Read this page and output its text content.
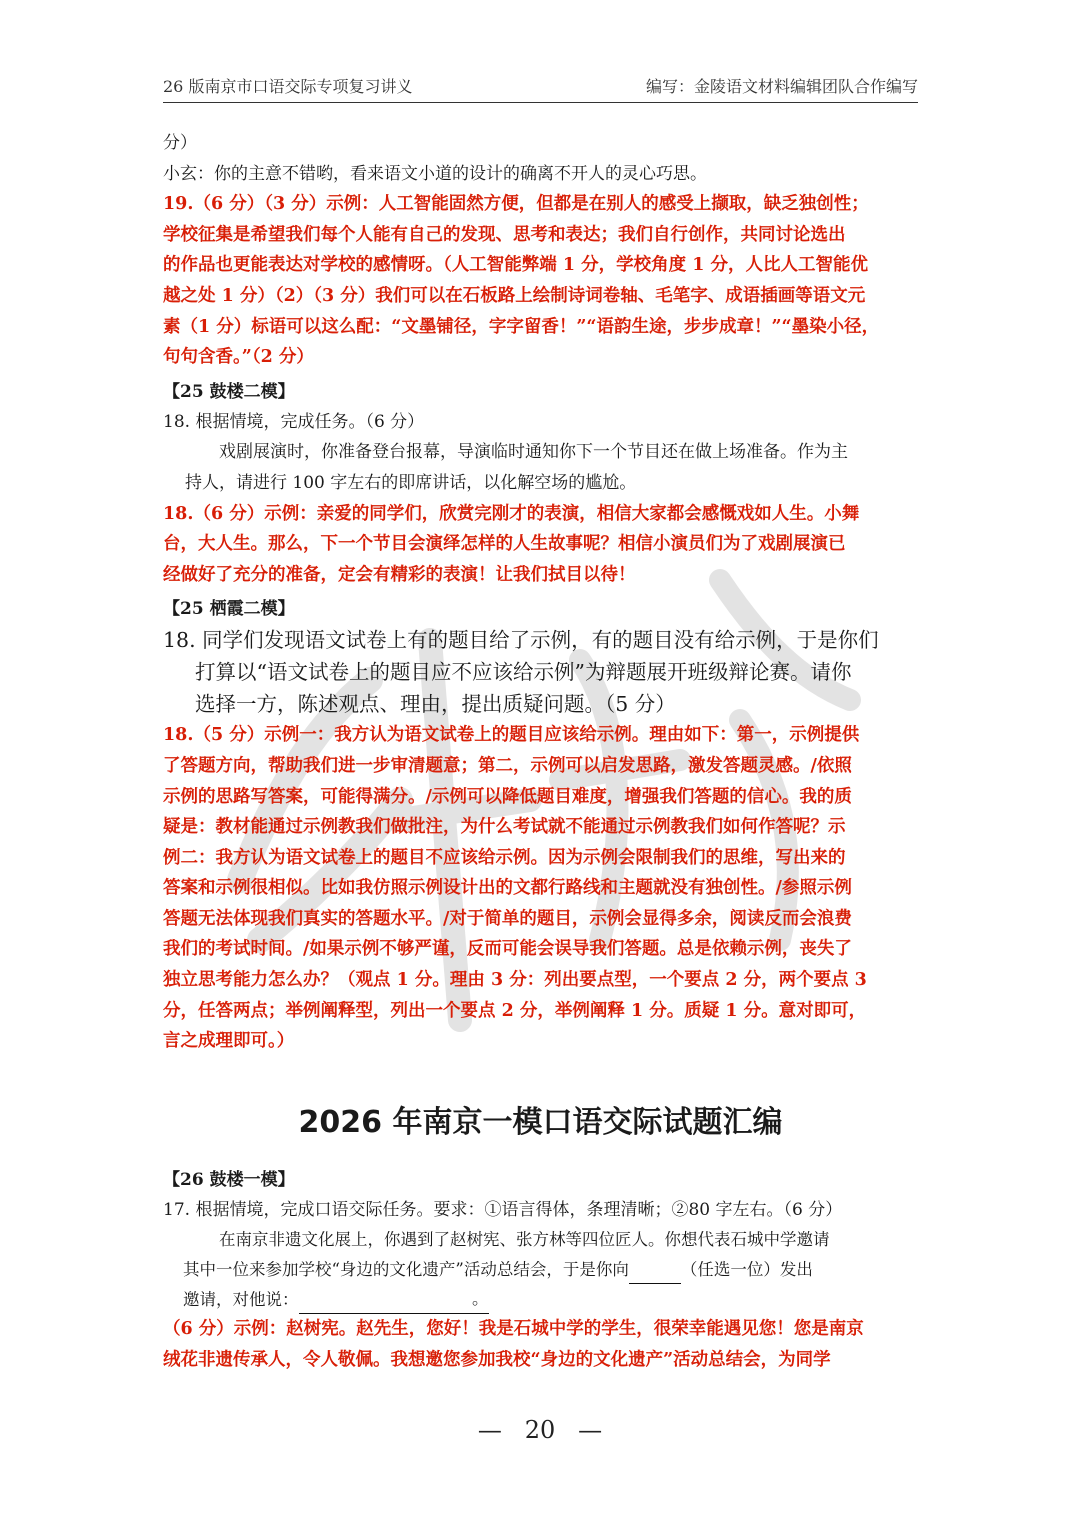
26 版南京市口语交际专项复习讲义	编写：金陵语文材料编辑团队合作编写
分）
小玄：你的主意不错哟，看来语文小道的设计的确离不开人的灵心巧思。
19.（6 分）（3 分）示例：人工智能固然方便，但都是在别人的感受上撷取，缺乏独创性；
学校征集是希望我们每个人能有自己的发现、思考和表达；我们自行创作，共同讨论选出
的作品也更能表达对学校的感情呀。（人工智能弊端 1 分，学校角度 1 分，人比人工智能优
越之处 1 分）（2）（3 分）我们可以在石板路上绘制诗词卷轴、毛笔字、成语插画等语文元
素（1 分）标语可以这么配：“文墨铺径，字字留香！”“语韵生途，步步成章！”“墨染小径，
句句含香。”（2 分）
【25 鼓楼二模】
18. 根据情境，完成任务。（6 分）
戏剧展演时，你准备登台报幕，导演临时通知你下一个节目还在做上场准备。作为主
持人，请进行 100 字左右的即席讲话，以化解空场的尴尬。
18.（6 分）示例：亲爱的同学们，欣赏完刚才的表演，相信大家都会感慨戏如人生。小舞
台，大人生。那么，下一个节目会演绎怎样的人生故事呢？相信小演员们为了戏剧展演已
经做好了充分的准备，定会有精彩的表演！让我们拭目以待！
【25 栖霞二模】
18. 同学们发现语文试卷上有的题目给了示例，有的题目没有给示例，于是你们
打算以“语文试卷上的题目应不应该给示例”为辩题展开班级辩论赛。请你
选择一方，陈述观点、理由，提出质疑问题。（5 分）
18.（5 分）示例一：我方认为语文试卷上的题目应该给示例。理由如下：第一，示例提供
了答题方向，帮助我们进一步审清题意；第二，示例可以启发思路，激发答题灵感。/依照
示例的思路写答案，可能得满分。/示例可以降低题目难度，增强我们答题的信心。我的质
疑是：教材能通过示例教我们做批注，为什么考试就不能通过示例教我们如何作答呢？示
例二：我方认为语文试卷上的题目不应该给示例。因为示例会限制我们的思维，写出来的
答案和示例很相似。比如我仿照示例设计出的文都行路线和主题就没有独创性。/参照示例
答题无法体现我们真实的答题水平。/对于简单的题目，示例会显得多余，阅读反而会浪费
我们的考试时间。/如果示例不够严谨，反而可能会误导我们答题。总是依赖示例，丧失了
独立思考能力怎么办？（观点 1 分。理由 3 分：列出要点型，一个要点 2 分，两个要点 3
分，任答两点；举例阐释型，列出一个要点 2 分，举例阐释 1 分。质疑 1 分。意对即可，
言之成理即可。）
2026 年南京一模口语交际试题汇编
【26 鼓楼一模】
17. 根据情境，完成口语交际任务。要求：①语言得体，条理清晰；②80 字左右。（6 分）
在南京非遗文化展上，你遇到了赵树宪、张方林等四位匠人。你想代表石城中学邀请
其中一位来参加学校“身边的文化遗产”活动总结会，于是你向	（任选一位）发出
邀请，对他说：	。
（6 分）示例：赵树宪。赵先生，您好！我是石城中学的学生，很荣幸能遇见您！您是南京
绒花非遗传承人，令人敬佩。我想邀您参加我校“身边的文化遗产”活动总结会，为同学
—   20   —
